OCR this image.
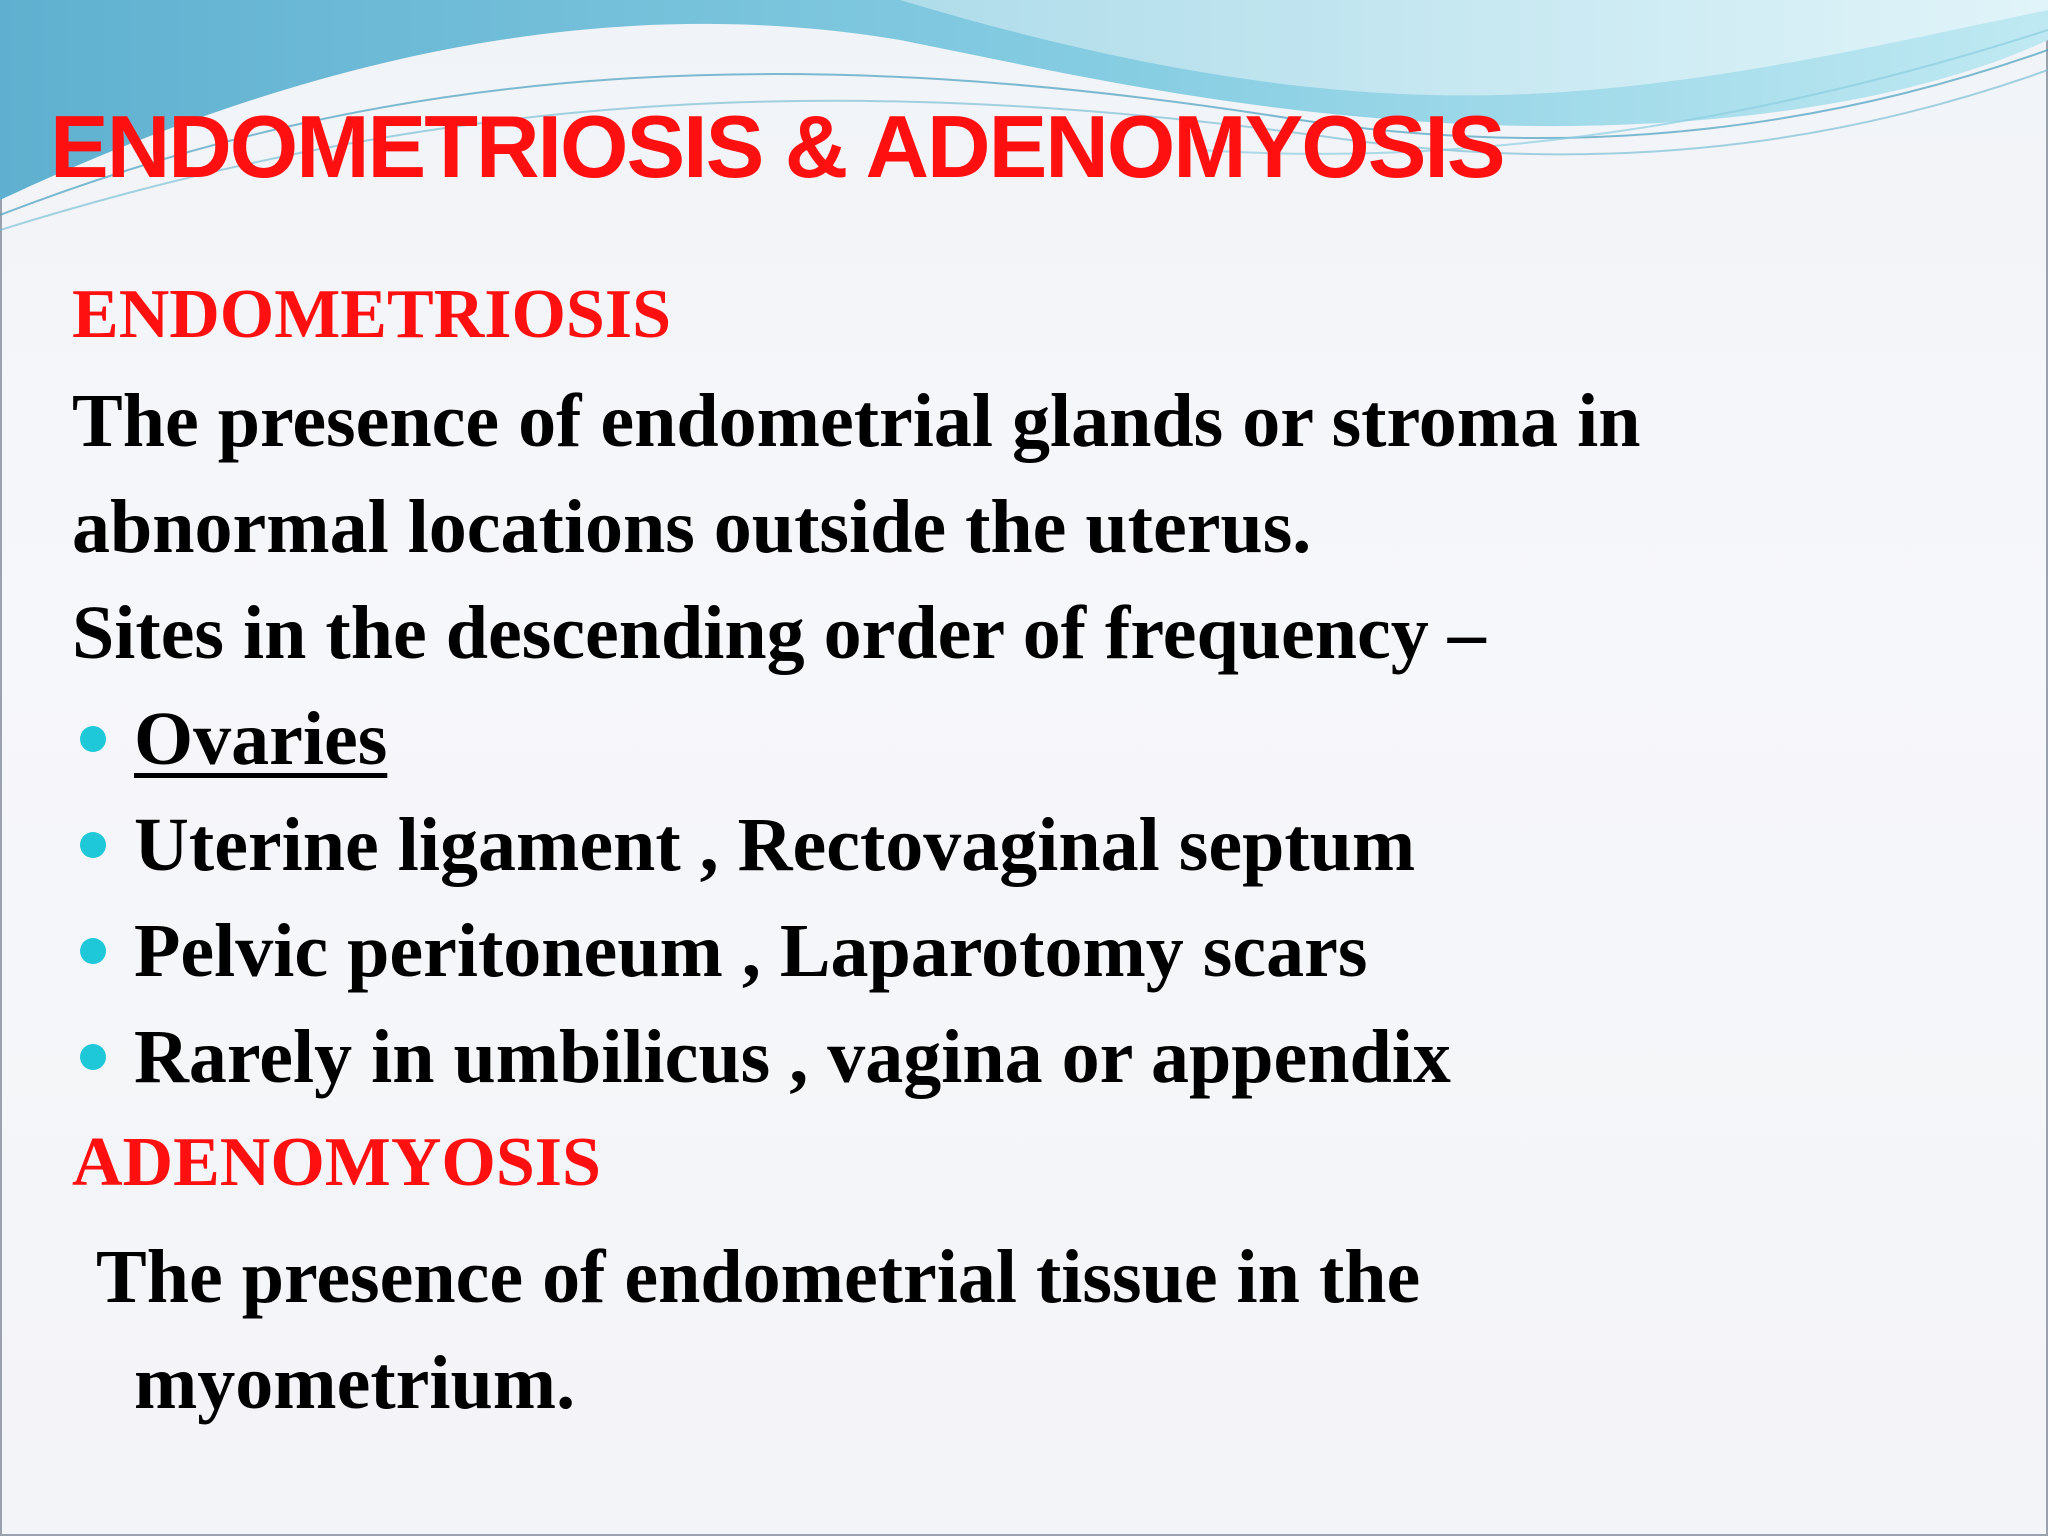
ENDOMETRIOSIS & ADENOMYOSIS
ENDOMETRIOSIS
The presence of endometrial glands or stroma in
abnormal locations outside the uterus.
Sites in the descending order of frequency –
Ovaries
Uterine ligament , Rectovaginal septum
Pelvic peritoneum , Laparotomy scars
Rarely in umbilicus , vagina or appendix
ADENOMYOSIS
The presence of endometrial tissue in the
myometrium.
